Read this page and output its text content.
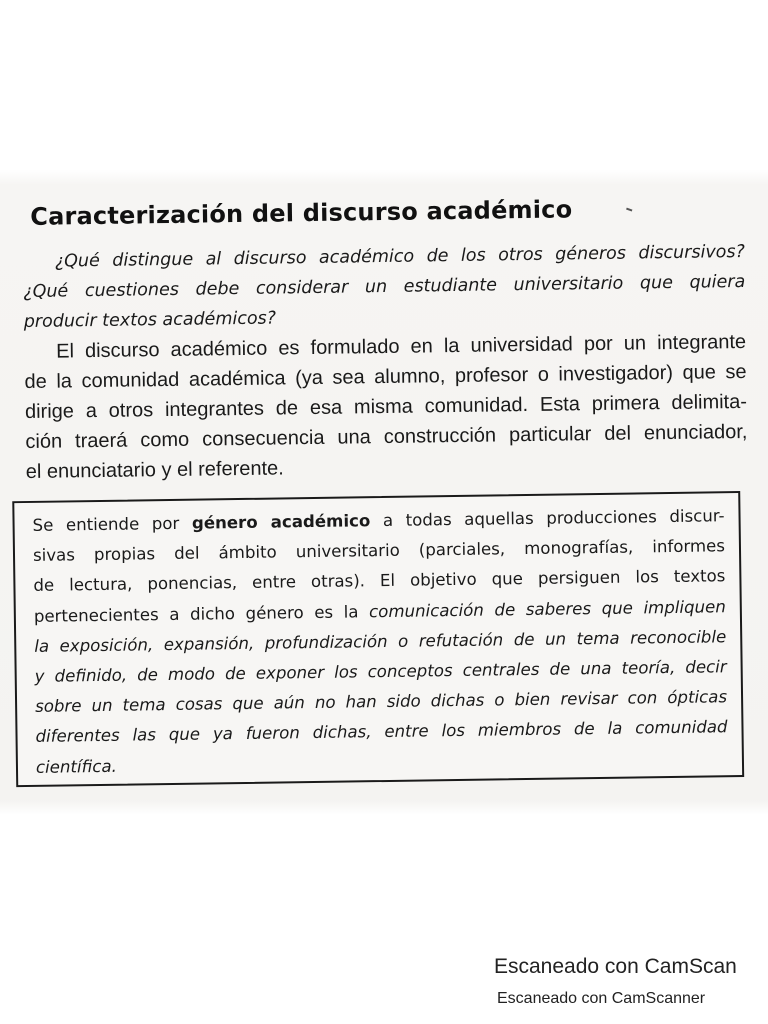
Caracterización del discurso académico
¿Qué distingue al discurso académico de los otros géneros discursivos?
¿Qué cuestiones debe considerar un estudiante universitario que quiera
producir textos académicos?
El discurso académico es formulado en la universidad por un integrante
de la comunidad académica (ya sea alumno, profesor o investigador) que se
dirige a otros integrantes de esa misma comunidad. Esta primera delimita-
ción traerá como consecuencia una construcción particular del enunciador,
el enunciatario y el referente.
Se entiende por género académico a todas aquellas producciones discur-
sivas propias del ámbito universitario (parciales, monografías, informes
de lectura, ponencias, entre otras). El objetivo que persiguen los textos
pertenecientes a dicho género es la comunicación de saberes que impliquen
la exposición, expansión, profundización o refutación de un tema reconocible
y definido, de modo de exponer los conceptos centrales de una teoría, decir
sobre un tema cosas que aún no han sido dichas o bien revisar con ópticas
diferentes las que ya fueron dichas, entre los miembros de la comunidad
científica.
Escaneado con CamScan
Escaneado con CamScanner
